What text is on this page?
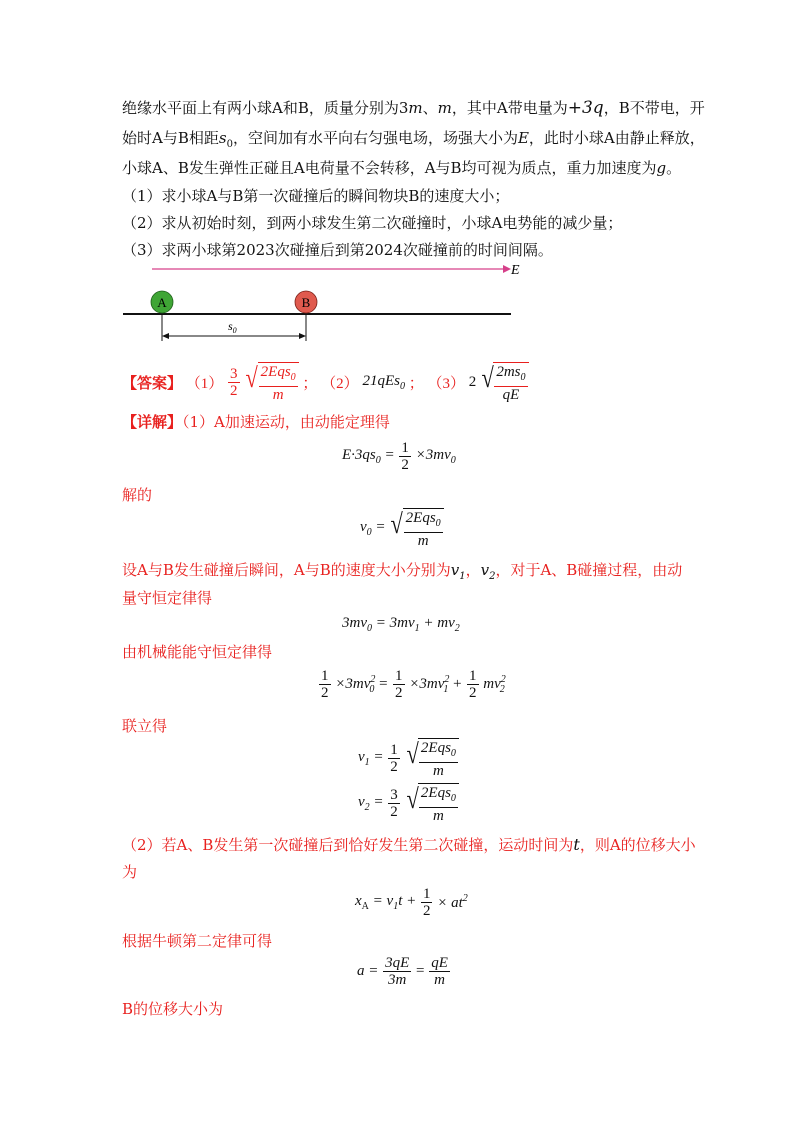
绝缘水平面上有两小球A和B，质量分别为3m、m，其中A带电量为+3q，B不带电，开
始时A与B相距$s_0$，空间加有水平向右匀强电场，场强大小为E，此时小球A由静止释放，
小球A、B发生弹性正碰且A电荷量不会转移，A与B均可视为质点，重力加速度为g。
（1）求小球A与B第一次碰撞后的瞬间物块B的速度大小；
（2）求从初始时刻，到两小球发生第二次碰撞时，小球A电势能的减少量；
（3）求两小球第2023次碰撞后到第2024次碰撞前的时间间隔。
E
A	B
$s_0$
【答案】 $(1) \frac{3}{2}$
√ $\frac{2Eqs_0}{m}$ ； （2） 21qEs$_0$ ； （3） 2 √ $\frac{2ms_0}{qE}$
【详解】（1）A加速运动，由动能定理得
$E\cdot 3qs_0 = \frac{1}{2} \times 3mv_0$
解的
$v_0$ = √ $\frac{2Eqs_0}{m}$
设A与B发生碰撞后瞬间，A与B的速度大小分别为$v_1$，$v_2$，对于A、B碰撞过程，由动
量守恒定律得
$3mv_0 = 3mv_1 + mv_2$
由机械能能守恒定律得
$\frac{1}{2} \times 3mv^2_0 = \frac{1}{2} \times 3mv^2_1 + \frac{1}{2} mv^2_2$
联立得
$v_1 = \frac{1}{2}$
√ $\frac{2Eqs_0}{m}$
$v_2 = \frac{3}{2}$
√ $\frac{2Eqs_0}{m}$
（2）若A、B发生第一次碰撞后到恰好发生第二次碰撞，运动时间为t，则A的位移大小
为
$x_A = v_1t + \frac{1}{2} \times at^2$
根据牛顿第二定律可得
$a = \frac{3qE}{3m} = \frac{qE}{m}$
B的位移大小为
